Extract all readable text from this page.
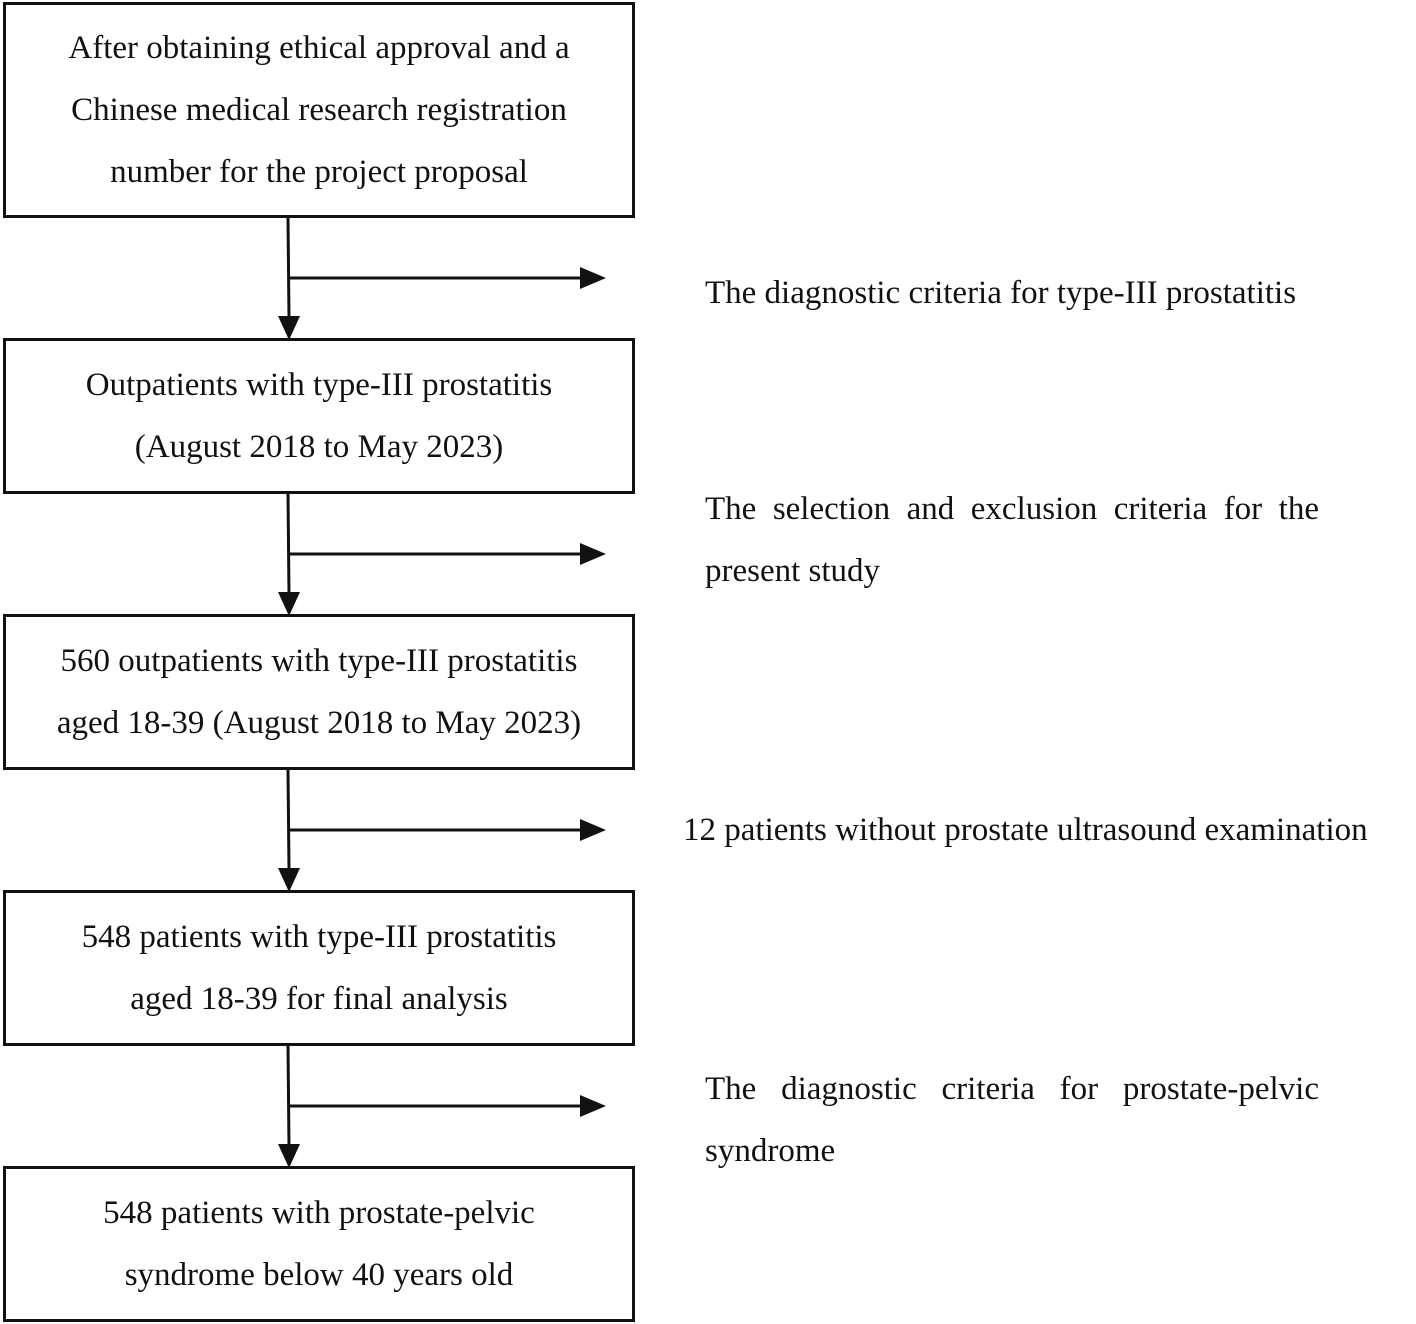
After obtaining ethical approval and a
Chinese medical research registration
number for the project proposal
Outpatients with type-III prostatitis
(August 2018 to May 2023)
560 outpatients with type-III prostatitis
aged 18-39 (August 2018 to May 2023)
548 patients with type-III prostatitis
aged 18-39 for final analysis
548 patients with prostate-pelvic
syndrome below 40 years old
The diagnostic criteria for type-III prostatitis
The selection and exclusion criteria for the
present study
12 patients without prostate ultrasound examination
The diagnostic criteria for prostate-pelvic
syndrome
